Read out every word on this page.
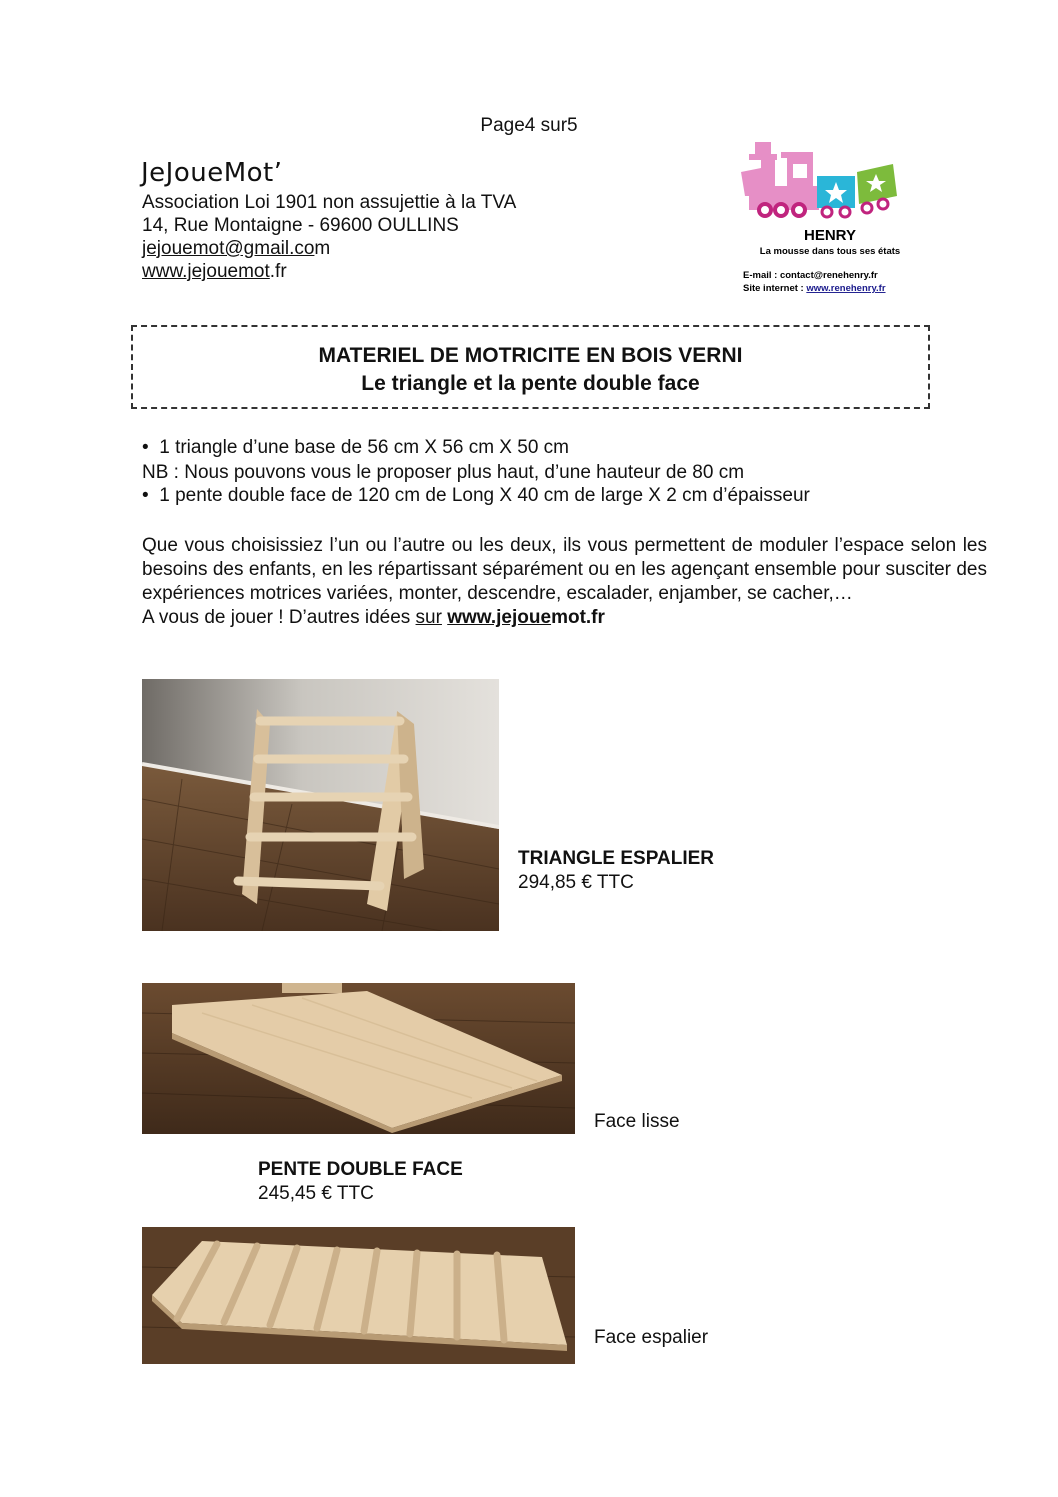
Page4 sur5
JeJoueMot’
Association Loi 1901 non assujettie à la TVA
14, Rue Montaigne - 69600 OULLINS
jejouemot@gmail.com
www.jejouemot.fr
HENRY
La mousse dans tous ses états
E-mail : contact@renehenry.fr
Site internet : www.renehenry.fr
MATERIEL DE MOTRICITE EN BOIS VERNI
Le triangle et la pente double face
• 1 triangle d’une base de 56 cm X 56 cm X 50 cm
NB : Nous pouvons vous le proposer plus haut, d’une hauteur de 80 cm
• 1 pente double face de 120 cm de Long X 40 cm de large X 2 cm d’épaisseur
Que vous choisissiez l’un ou l’autre ou les deux, ils vous permettent de moduler l’espace selon les besoins des enfants, en les répartissant séparément ou en les agençant ensemble pour susciter des expériences motrices variées, monter, descendre, escalader, enjamber, se cacher,…
A vous de jouer ! D’autres idées sur www.jejouemot.fr
TRIANGLE ESPALIER
294,85 € TTC
Face lisse
PENTE DOUBLE FACE
245,45 € TTC
Face espalier
